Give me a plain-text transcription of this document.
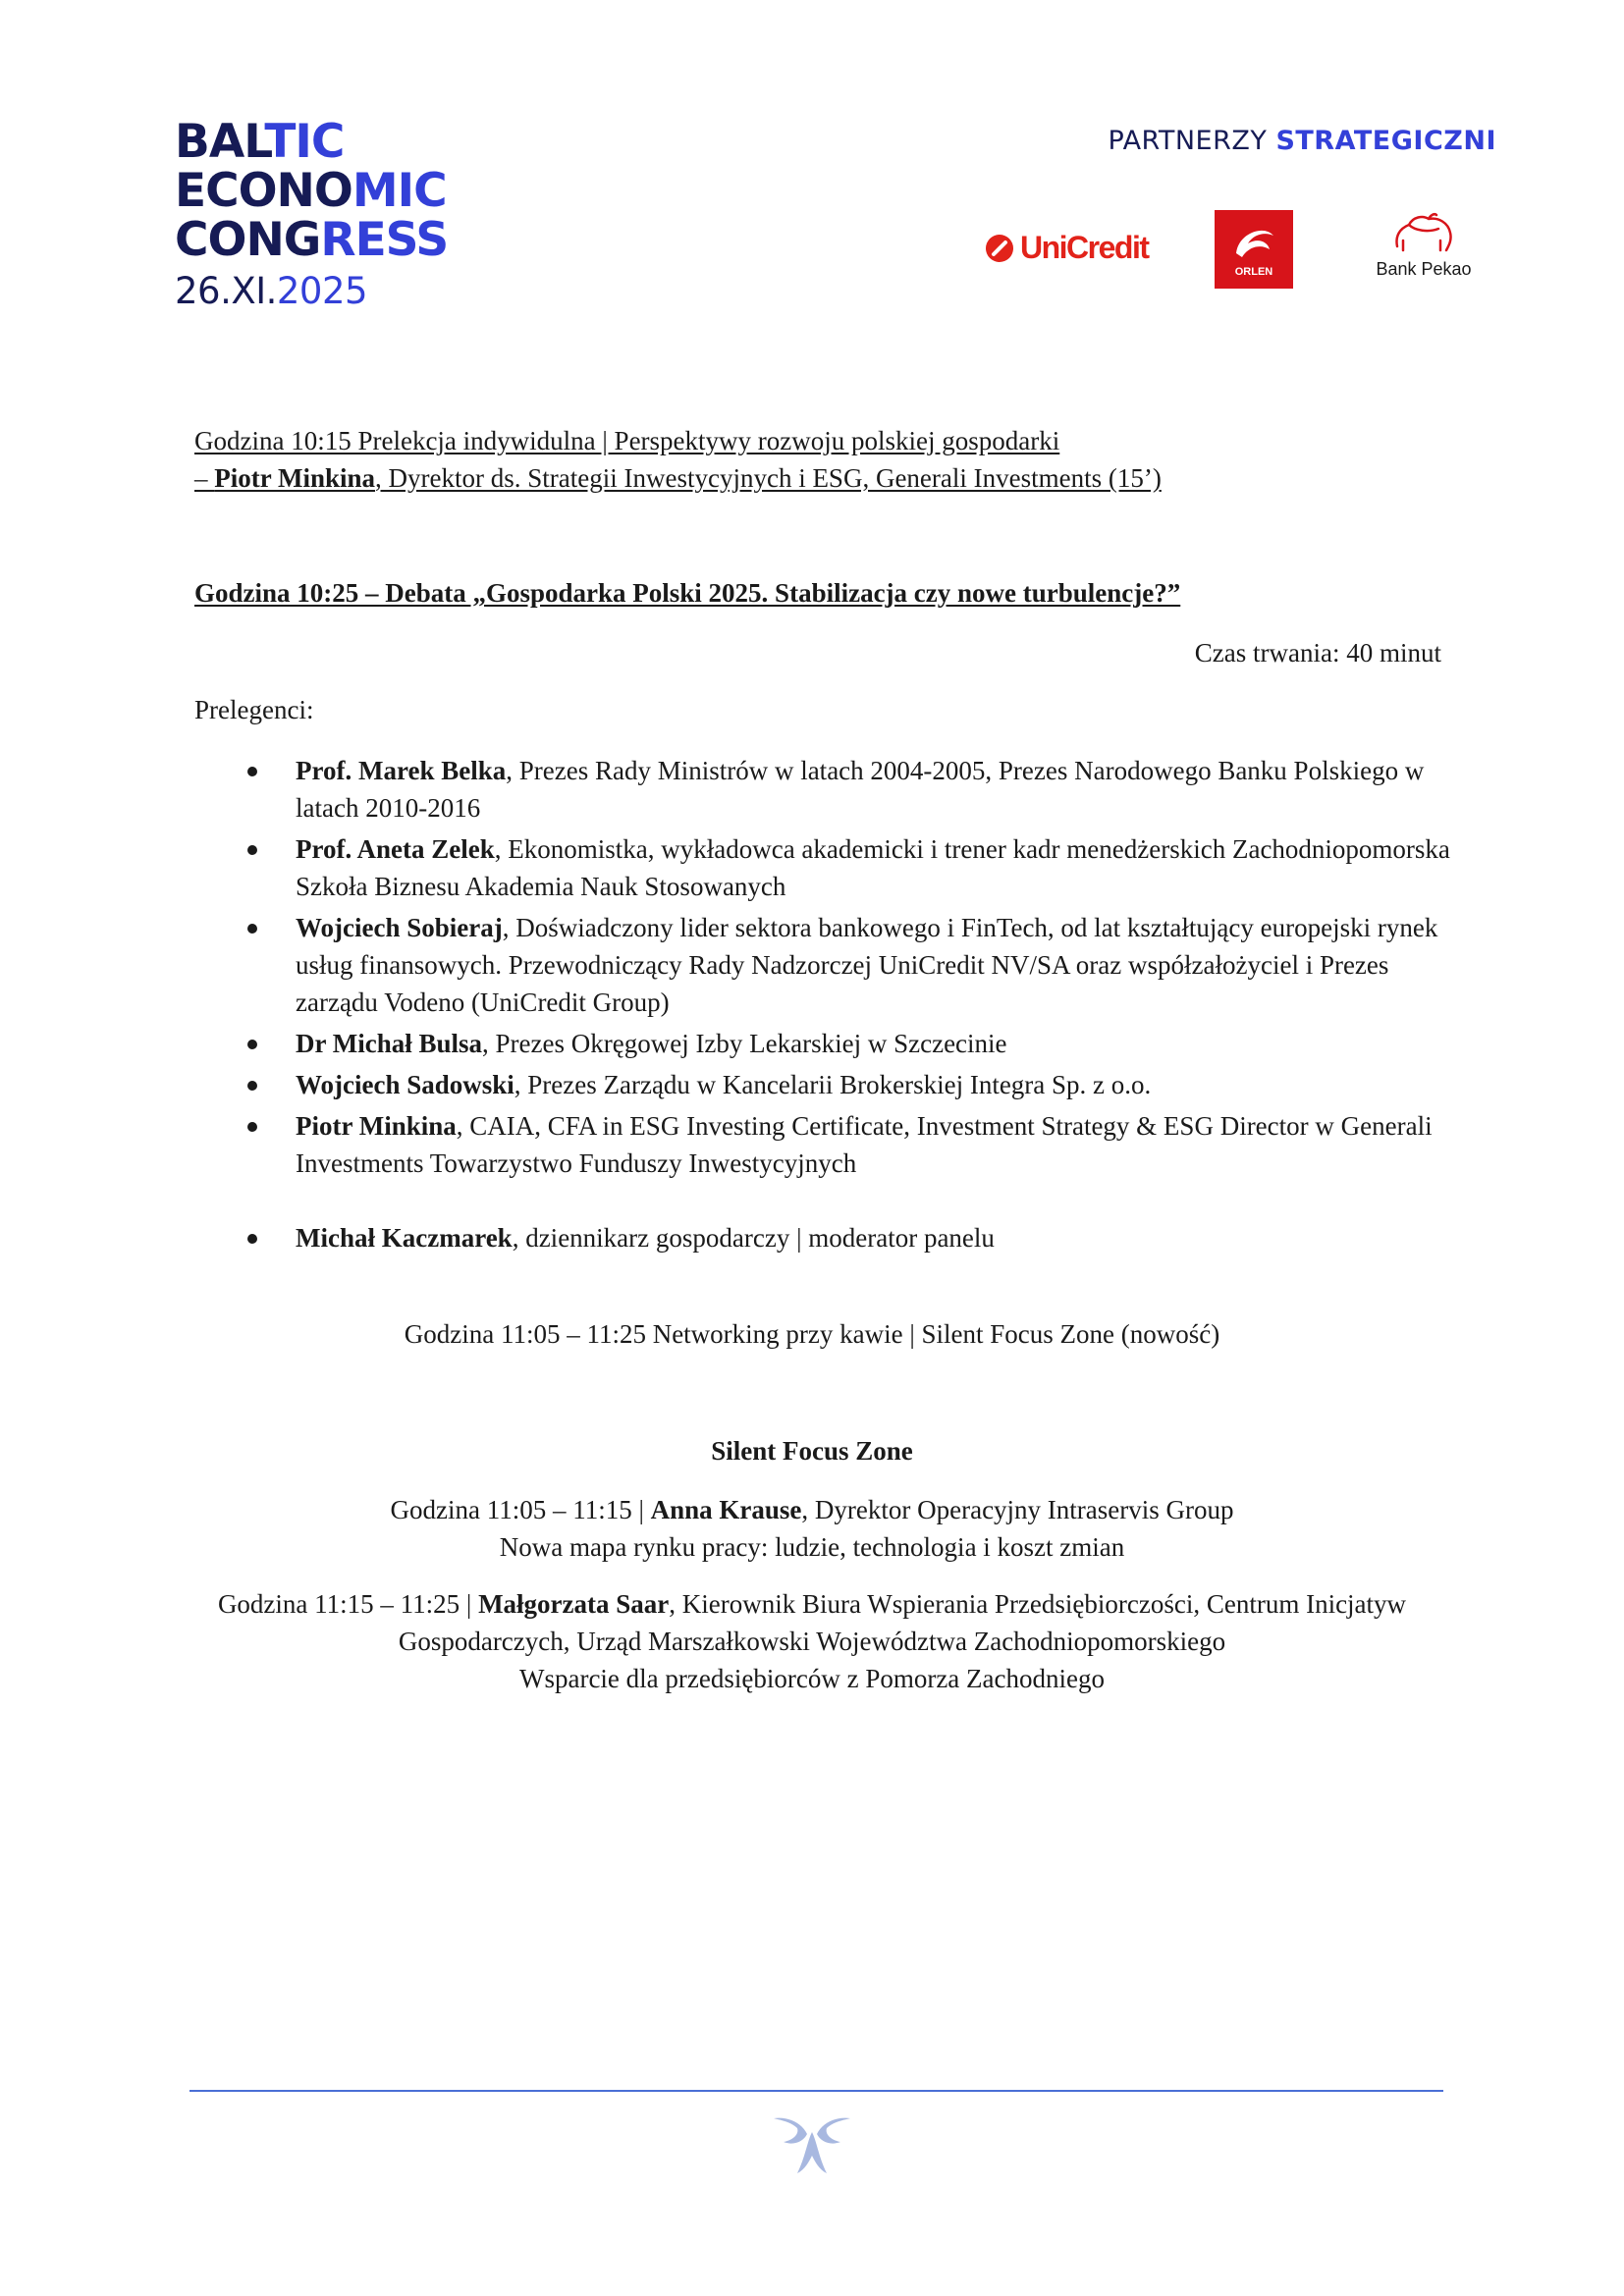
BALTIC
ECONOMIC
CONGRESS
26.XI.2025
PARTNERZY STRATEGICZNI
UniCredit
ORLEN	Bank Pekao

Godzina 10:15 Prelekcja indywidulna | Perspektywy rozwoju polskiej gospodarki
– Piotr Minkina, Dyrektor ds. Strategii Inwestycyjnych i ESG, Generali Investments (15’)

Godzina 10:25 – Debata „Gospodarka Polski 2025. Stabilizacja czy nowe turbulencje?”

Czas trwania: 40 minut

Prelegenci:

Prof. Marek Belka, Prezes Rady Ministrów w latach 2004-2005, Prezes Narodowego Banku Polskiego w latach 2010-2016
Prof. Aneta Zelek, Ekonomistka, wykładowca akademicki i trener kadr menedżerskich Zachodniopomorska Szkoła Biznesu Akademia Nauk Stosowanych
Wojciech Sobieraj, Doświadczony lider sektora bankowego i FinTech, od lat kształtujący europejski rynek usług finansowych. Przewodniczący Rady Nadzorczej UniCredit NV/SA oraz współzałożyciel i Prezes zarządu Vodeno (UniCredit Group)
Dr Michał Bulsa, Prezes Okręgowej Izby Lekarskiej w Szczecinie
Wojciech Sadowski, Prezes Zarządu w Kancelarii Brokerskiej Integra Sp. z o.o.
Piotr Minkina, CAIA, CFA in ESG Investing Certificate, Investment Strategy & ESG Director w Generali Investments Towarzystwo Funduszy Inwestycyjnych
Michał Kaczmarek, dziennikarz gospodarczy | moderator panelu

Godzina 11:05 – 11:25 Networking przy kawie | Silent Focus Zone (nowość)

Silent Focus Zone

Godzina 11:05 – 11:15 | Anna Krause, Dyrektor Operacyjny Intraservis Group
Nowa mapa rynku pracy: ludzie, technologia i koszt zmian

Godzina 11:15 – 11:25 | Małgorzata Saar, Kierownik Biura Wspierania Przedsiębiorczości, Centrum Inicjatyw Gospodarczych, Urząd Marszałkowski Województwa Zachodniopomorskiego
Wsparcie dla przedsiębiorców z Pomorza Zachodniego
